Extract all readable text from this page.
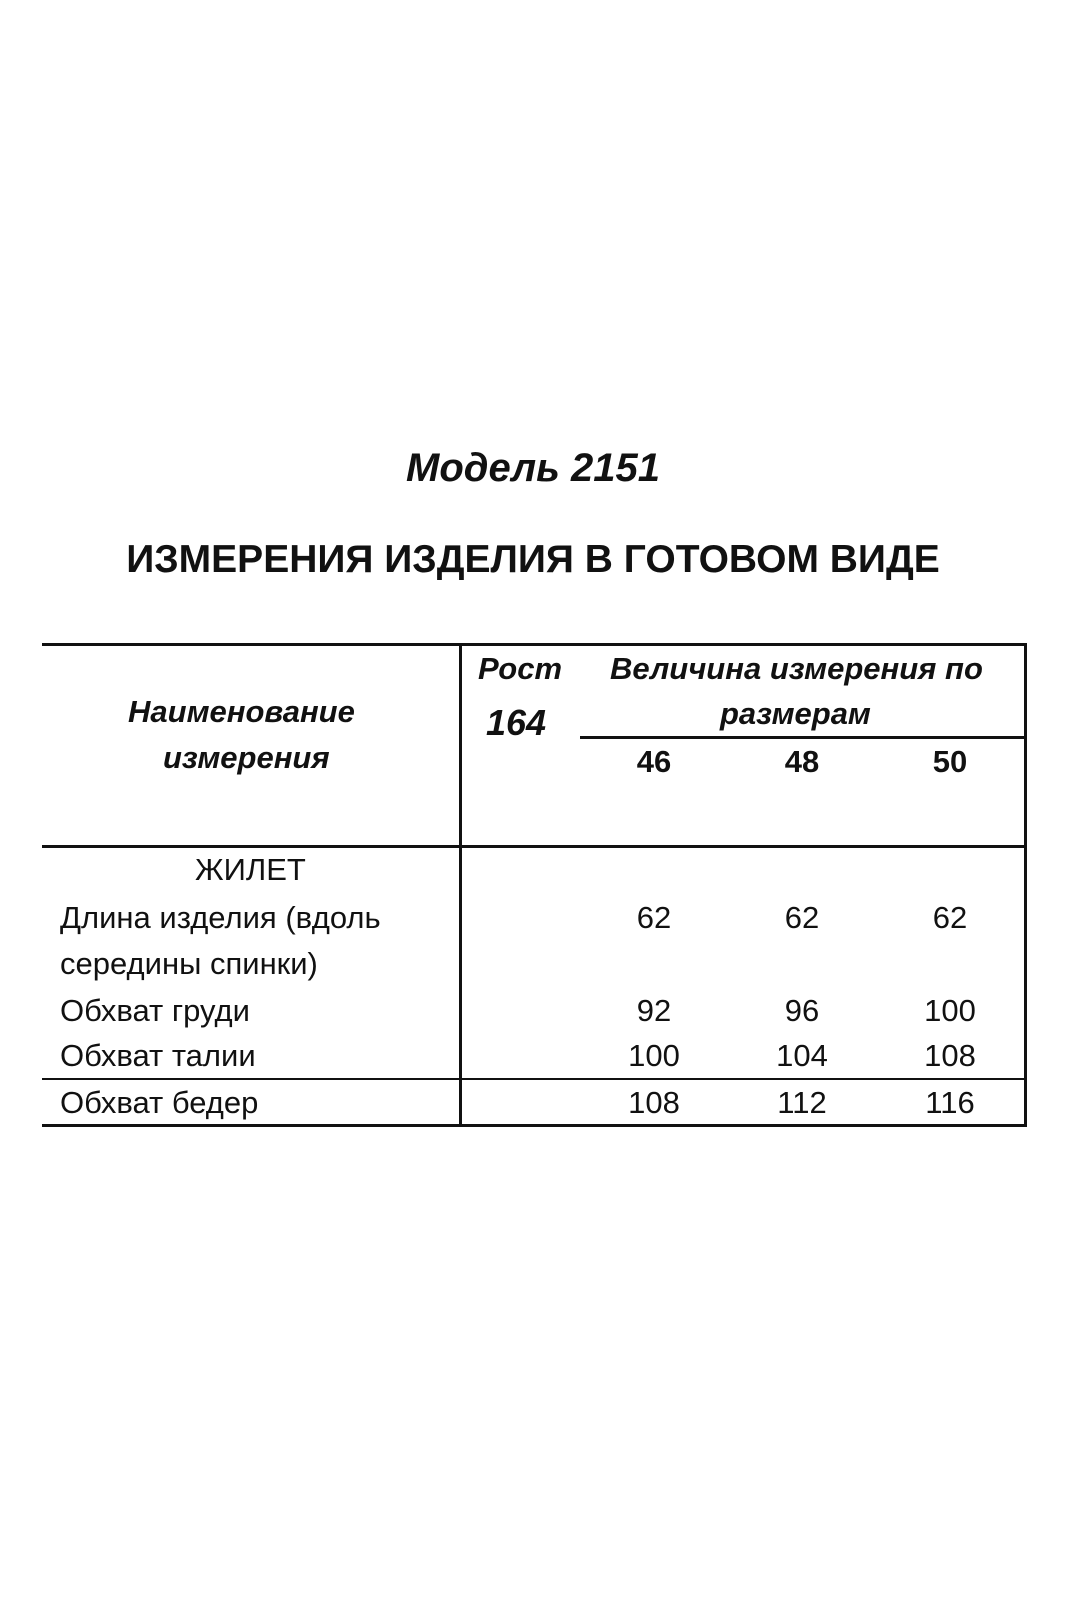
Модель 2151
ИЗМЕРЕНИЯ ИЗДЕЛИЯ В ГОТОВОМ ВИДЕ
Наименование
измерения
Рост
164
Величина измерения по
размерам
46	48	50
ЖИЛЕТ
Длина изделия (вдоль
середины спинки)
62	62	62
Обхват груди	92	96	100
Обхват талии	100	104	108
Обхват бедер	108	112	116
